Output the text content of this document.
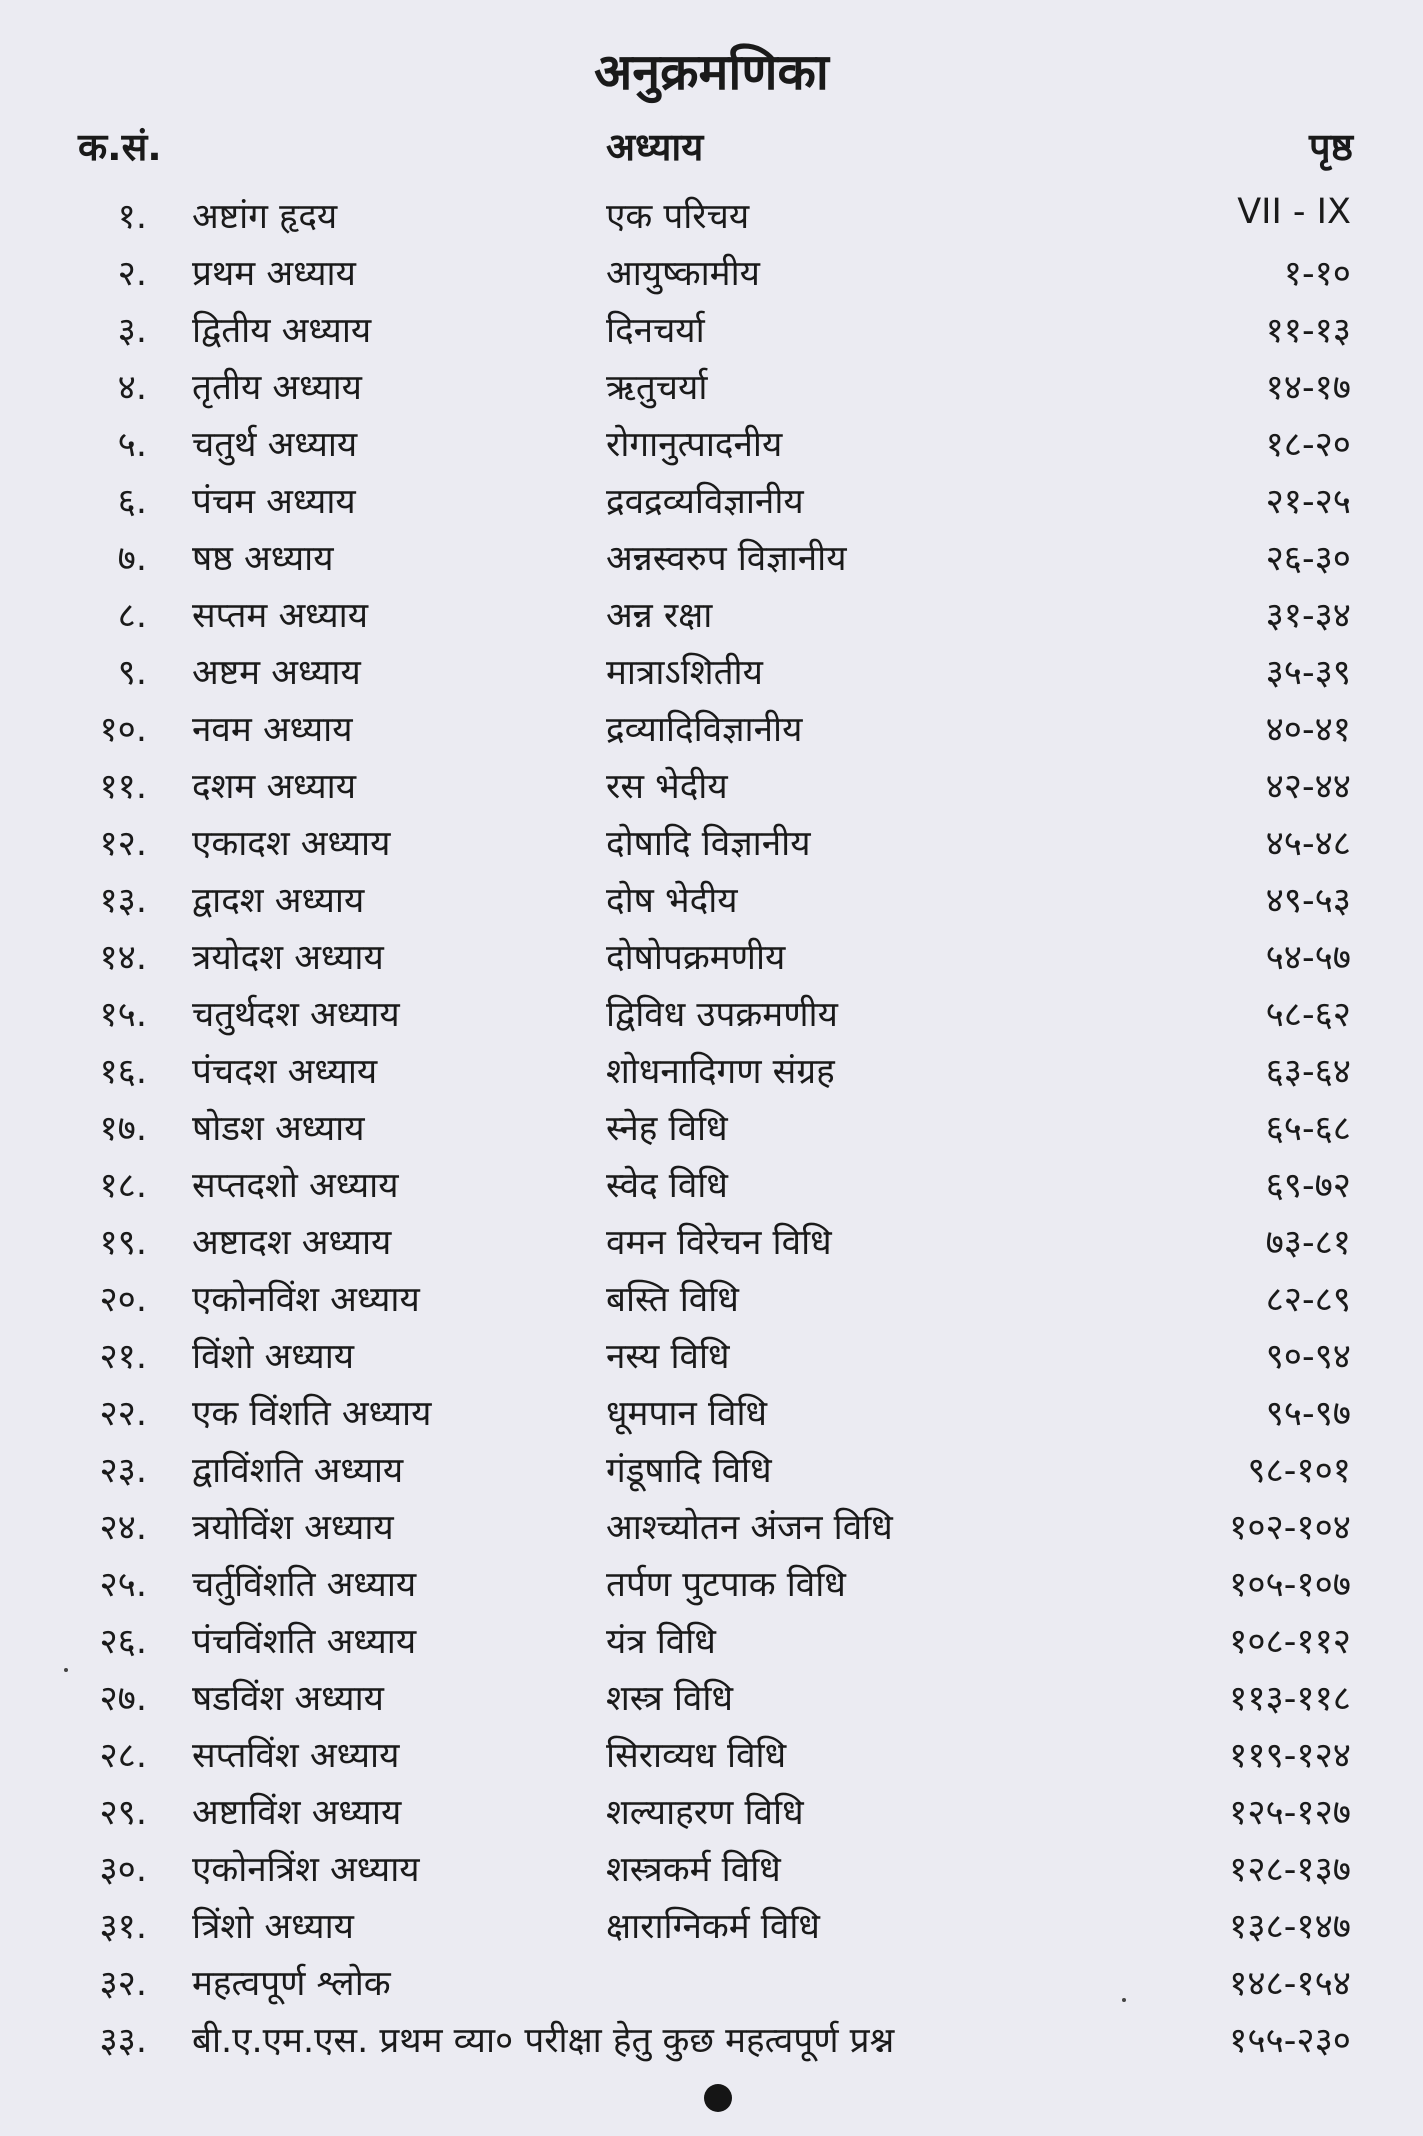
अनुक्रमणिका
क.सं.	अध्याय	पृष्ठ
१. अष्टांग हृदय	एक परिचय	VII - IX
२. प्रथम अध्याय	आयुष्कामीय	१-१०
३. द्वितीय अध्याय	दिनचर्या	११-१३
४. तृतीय अध्याय	ऋतुचर्या	१४-१७
५. चतुर्थ अध्याय	रोगानुत्पादनीय	१८-२०
६. पंचम अध्याय	द्रवद्रव्यविज्ञानीय	२१-२५
७. षष्ठ अध्याय	अन्नस्वरुप विज्ञानीय	२६-३०
८. सप्तम अध्याय	अन्न रक्षा	३१-३४
९. अष्टम अध्याय	मात्राऽशितीय	३५-३९
१०. नवम अध्याय	द्रव्यादिविज्ञानीय	४०-४१
११. दशम अध्याय	रस भेदीय	४२-४४
१२. एकादश अध्याय	दोषादि विज्ञानीय	४५-४८
१३. द्वादश अध्याय	दोष भेदीय	४९-५३
१४. त्रयोदश अध्याय	दोषोपक्रमणीय	५४-५७
१५. चतुर्थदश अध्याय	द्विविध उपक्रमणीय	५८-६२
१६. पंचदश अध्याय	शोधनादिगण संग्रह	६३-६४
१७. षोडश अध्याय	स्नेह विधि	६५-६८
१८. सप्तदशो अध्याय	स्वेद विधि	६९-७२
१९. अष्टादश अध्याय	वमन विरेचन विधि	७३-८१
२०. एकोनविंश अध्याय	बस्ति विधि	८२-८९
२१. विंशो अध्याय	नस्य विधि	९०-९४
२२. एक विंशति अध्याय	धूमपान विधि	९५-९७
२३. द्वाविंशति अध्याय	गंडूषादि विधि	९८-१०१
२४. त्रयोविंश अध्याय	आश्च्योतन अंजन विधि	१०२-१०४
२५. चर्तुविंशति अध्याय	तर्पण पुटपाक विधि	१०५-१०७
२६. पंचविंशति अध्याय	यंत्र विधि	१०८-११२
२७. षडविंश अध्याय	शस्त्र विधि	११३-११८
२८. सप्तविंश अध्याय	सिराव्यध विधि	११९-१२४
२९. अष्टाविंश अध्याय	शल्याहरण विधि	१२५-१२७
३०. एकोनत्रिंश अध्याय	शस्त्रकर्म विधि	१२८-१३७
३१. त्रिंशो अध्याय	क्षाराग्निकर्म विधि	१३८-१४७
३२. महत्वपूर्ण श्लोक	१४८-१५४
३३. बी.ए.एम.एस. प्रथम व्या० परीक्षा हेतु कुछ महत्वपूर्ण प्रश्न	१५५-२३०
